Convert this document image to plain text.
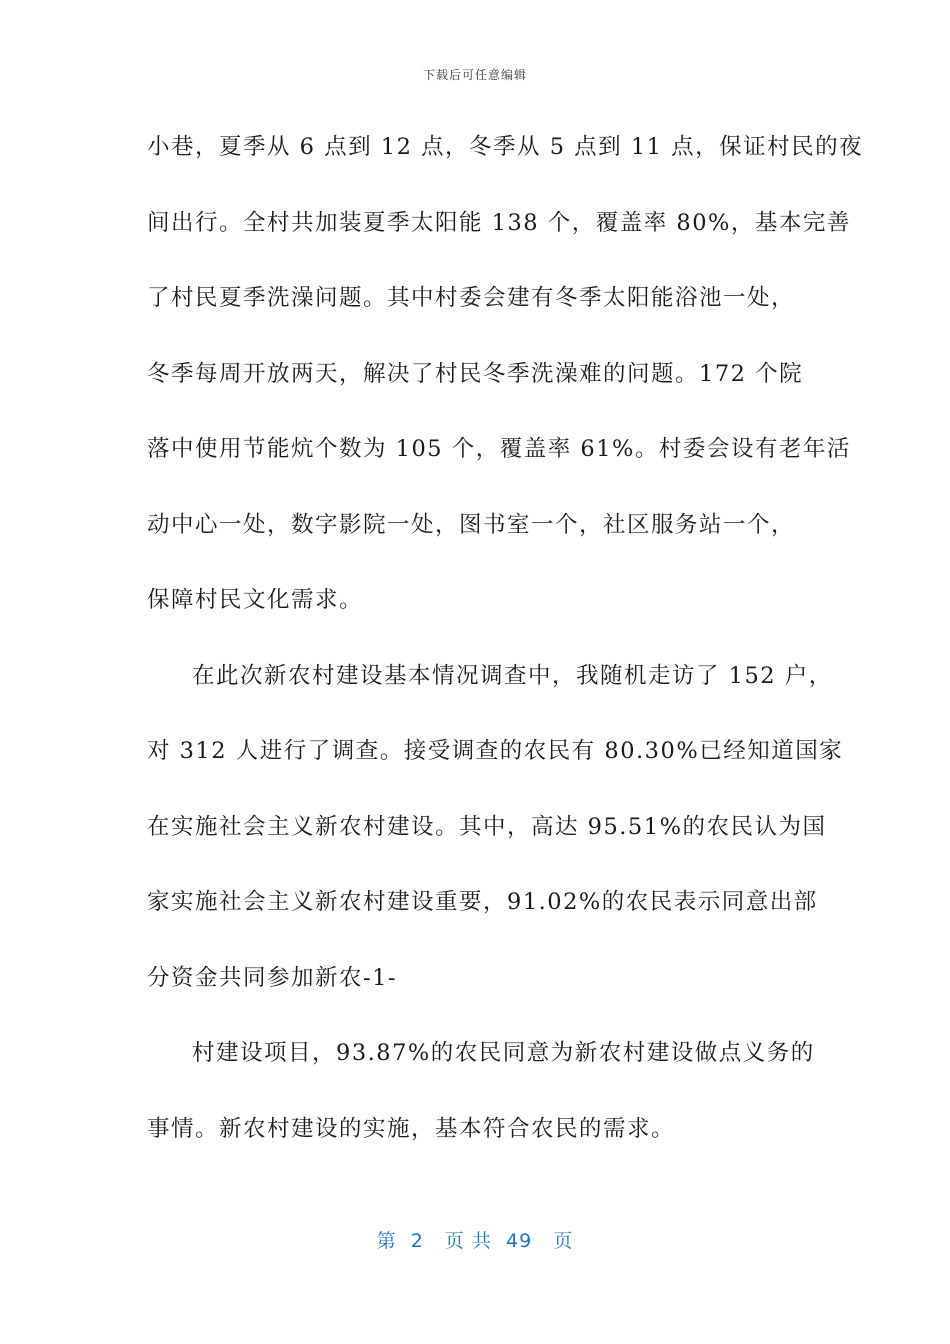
下载后可任意编辑
小巷，夏季从 6 点到 12 点，冬季从 5 点到 11 点，保证村民的夜
间出行。全村共加装夏季太阳能 138 个，覆盖率 80%，基本完善
了村民夏季洗澡问题。其中村委会建有冬季太阳能浴池一处，
冬季每周开放两天，解决了村民冬季洗澡难的问题。172 个院
落中使用节能炕个数为 105 个，覆盖率 61%。村委会设有老年活
动中心一处，数字影院一处，图书室一个，社区服务站一个，
保障村民文化需求。
在此次新农村建设基本情况调查中，我随机走访了 152 户，
对 312 人进行了调查。接受调查的农民有 80.30%已经知道国家
在实施社会主义新农村建设。其中，高达 95.51%的农民认为国
家实施社会主义新农村建设重要，91.02%的农民表示同意出部
分资金共同参加新农-1-
村建设项目，93.87%的农民同意为新农村建设做点义务的
事情。新农村建设的实施，基本符合农民的需求。
第  2   页 共  49   页
